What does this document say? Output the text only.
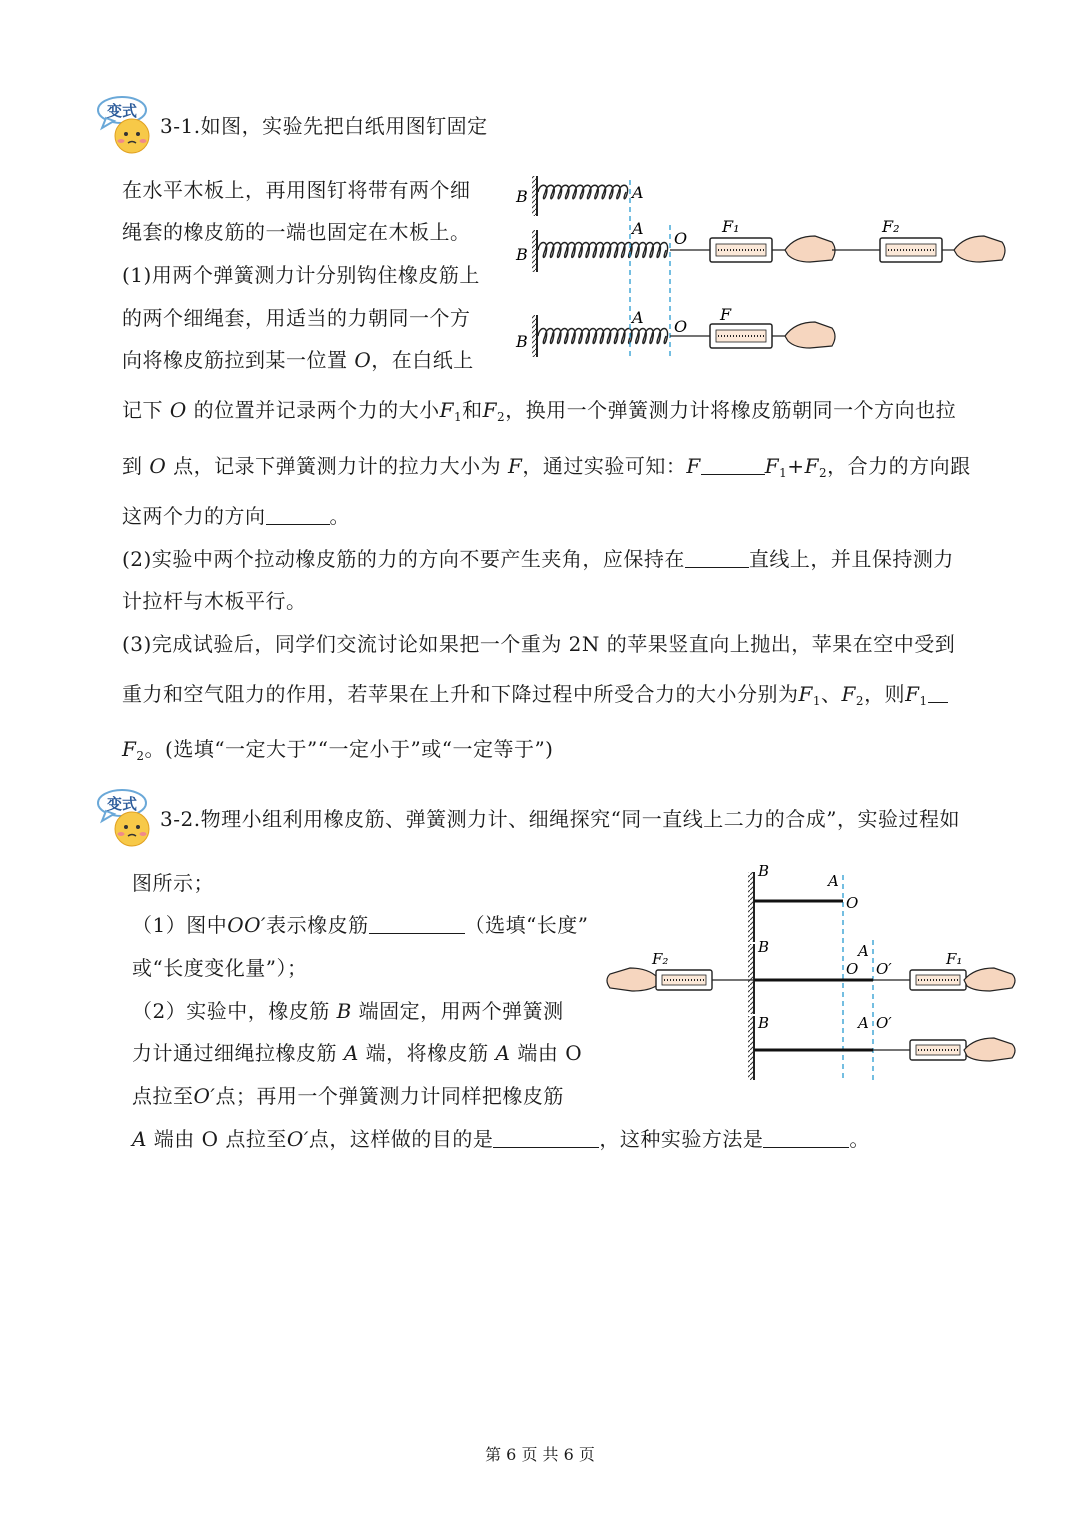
变式
3-1.如图，实验先把白纸用图钉固定
在水平木板上，再用图钉将带有两个细
绳套的橡皮筋的一端也固定在木板上。
(1)用两个弹簧测力计分别钩住橡皮筋上
的两个细绳套，用适当的力朝同一个方
向将橡皮筋拉到某一位置 O，在白纸上
记下 O 的位置并记录两个力的大小$F_1$和$F_2$，换用一个弹簧测力计将橡皮筋朝同一个方向也拉
到 O 点，记录下弹簧测力计的拉力大小为 F，通过实验可知：F	$F_1+F_2$，合力的方向跟
这两个力的方向	。
(2)实验中两个拉动橡皮筋的力的方向不要产生夹角，应保持在	直线上，并且保持测力
计拉杆与木板平行。
(3)完成试验后，同学们交流讨论如果把一个重为 2N 的苹果竖直向上抛出，苹果在空中受到
重力和空气阻力的作用，若苹果在上升和下降过程中所受合力的大小分别为$F_1$、$F_2$，则$F_1$
$F_2$。(选填“一定大于”“一定小于”或“一定等于”)
B	A
B
A
O
F₁	F₂
B
A O
F
变式
3-2.物理小组利用橡皮筋、弹簧测力计、细绳探究“同一直线上二力的合成”，实验过程如
图所示；
（1）图中OO′表示橡皮筋	（选填“长度”
或“长度变化量”）；
（2）实验中，橡皮筋 B 端固定，用两个弹簧测
力计通过细绳拉橡皮筋 A 端，将橡皮筋 A 端由 O
点拉至O′点；再用一个弹簧测力计同样把橡皮筋
A 端由 O 点拉至O′点，这样做的目的是	，这种实验方法是	。
B
A
O
B	A
O O′
F₂	F₁
B	A O′
第 6 页 共 6 页
